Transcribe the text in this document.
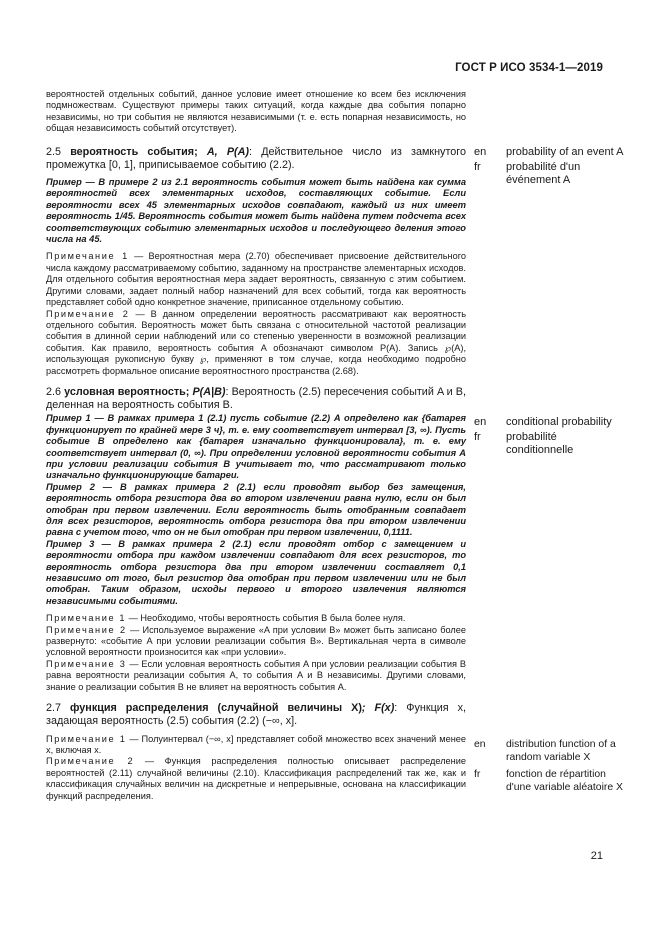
ГОСТ Р ИСО 3534-1—2019

вероятностей отдельных событий, данное условие имеет отношение ко всем без исключения подмножествам. Существуют примеры таких ситуаций, когда каждые два события попарно независимы, но три события не являются независимыми (т. е. есть попарная независимость, но общая независимость событий отсутствует).

2.5 вероятность события; A, P(A): Действительное число из замкнутого промежутка [0, 1], приписываемое событию (2.2).

Пример — В примере 2 из 2.1 вероятность события может быть найдена как сумма вероятностей всех элементарных исходов, составляющих событие. Если вероятности всех 45 элементарных исходов совпадают, каждый из них имеет вероятность 1/45. Вероятность события может быть найдена путем подсчета всех соответствующих событию элементарных исходов и последующего деления этого числа на 45.

Примечание 1 — Вероятностная мера (2.70) обеспечивает присвоение действительного числа каждому рассматриваемому событию, заданному на пространстве элементарных исходов. Для отдельного события вероятностная мера задает вероятность, связанную с этим событием. Другими словами, задает полный набор назначений для всех событий, тогда как вероятность представляет собой одно конкретное значение, приписанное отдельному событию.

Примечание 2 — В данном определении вероятность рассматривают как вероятность отдельного события. Вероятность может быть связана с относительной частотой реализации события в длинной серии наблюдений или со степенью уверенности в возможной реализации события. Как правило, вероятность события A обозначают символом P(A). Запись ℘(A), использующая рукописную букву ℘, применяют в том случае, когда необходимо подробно рассмотреть формальное описание вероятностного пространства (2.68).

2.6 условная вероятность; P(A|B): Вероятность (2.5) пересечения событий A и B, деленная на вероятность события B.

Пример 1 — В рамках примера 1 (2.1) пусть событие (2.2) A определено как {батарея функционирует по крайней мере 3 ч}, т. е. ему соответствует интервал [3, ∞). Пусть событие B определено как {батарея изначально функционировала}, т. е. ему соответствует интервал (0, ∞). При определении условной вероятности события A при условии реализации события B учитывает то, что рассматривают только изначально функционирующие батареи.

Пример 2 — В рамках примера 2 (2.1) если проводят выбор без замещения, вероятность отбора резистора два во втором извлечении равна нулю, если он был отобран при первом извлечении. Если вероятность быть отобранным совпадает для всех резисторов, вероятность отбора резистора два при втором извлечении равна с учетом того, что он не был отобран при первом извлечении, 0,1111.

Пример 3 — В рамках примера 2 (2.1) если проводят отбор с замещением и вероятности отбора при каждом извлечении совпадают для всех резисторов, то вероятность отбора резистора два при втором извлечении составляет 0,1 независимо от того, был резистор два отобран при первом извлечении или не был отобран. Таким образом, исходы первого и второго извлечения являются независимыми событиями.

Примечание 1 — Необходимо, чтобы вероятность события B была более нуля.

Примечание 2 — Используемое выражение «A при условии B» может быть записано более развернуто: «событие A при условии реализации события B». Вертикальная черта в символе условной вероятности произносится как «при условии».

Примечание 3 — Если условная вероятность события A при условии реализации события B равна вероятности реализации события A, то события A и B независимы. Другими словами, знание о реализации события B не влияет на вероятность события A.

2.7 функция распределения (случайной величины X); F(x): Функция x, задающая вероятность (2.5) события (2.2) (−∞, x].

Примечание 1 — Полуинтервал (−∞, x] представляет собой множество всех значений менее x, включая x.

Примечание 2 — Функция распределения полностью описывает распределение вероятностей (2.11) случайной величины (2.10). Классификация распределений так же, как и классификация случайных величин на дискретные и непрерывные, основана на классификации функций распределения.

en	probability of an event A
fr	probabilité d'un événement A
en	conditional probability
fr	probabilité conditionnelle
en	distribution function of a random variable X
fr	fonction de répartition d'une variable aléatoire X
21
